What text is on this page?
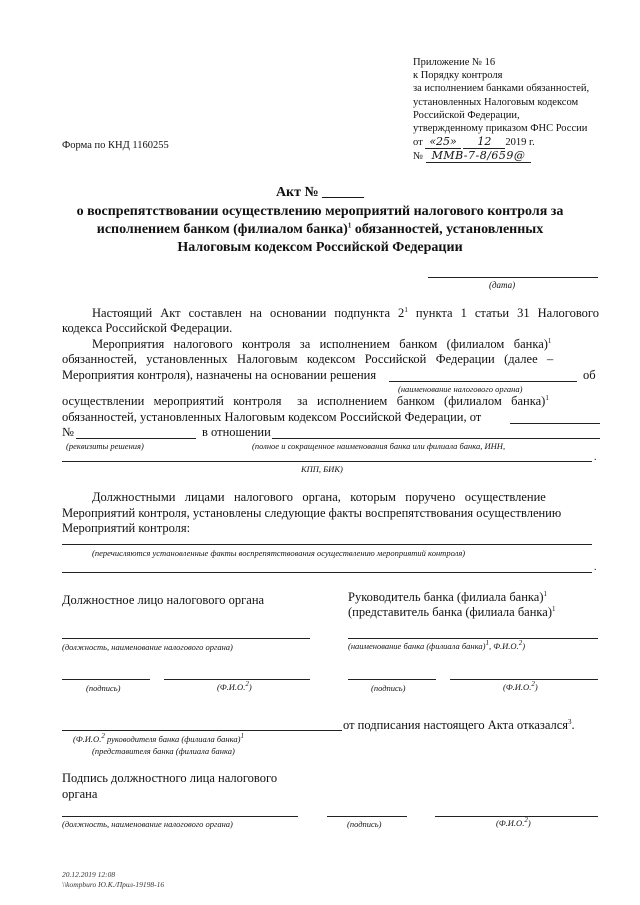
Приложение № 16
к Порядку контроля
за исполнением банками обязанностей,
установленных Налоговым кодексом
Российской Федерации,
утвержденному приказом ФНС России
от «25» 12 2019 г.
№ ММВ-7-8/659@
Форма по КНД 1160255
Акт № ______
о воспрепятствовании осуществлению мероприятий налогового контроля за
исполнением банком (филиалом банка)$^1$ обязанностей, установленных
Налоговым кодексом Российской Федерации
(дата)
Настоящий Акт составлен на основании подпункта $2^1$ пункта 1 статьи 31 Налогового
кодекса Российской Федерации.
Мероприятия   налогового   контроля   за   исполнением   банком   (филиалом   банка)$^1$
обязанностей,   установленных   Налоговым   кодексом   Российской   Федерации   (далее   –
Мероприятия контроля), назначены на основании решения	об
(наименование налогового органа)
осуществлении   мероприятий   контроля     за   исполнением   банком   (филиалом   банка)$^1$
обязанностей, установленных Налоговым кодексом Российской Федерации, от
№	в отношении
(реквизиты решения)	(полное и сокращенное наименования банка или филиала банка, ИНН,
.
КПП, БИК)
Должностными   лицами   налогового   органа,   которым   поручено   осуществление
Мероприятий контроля, установлены следующие факты воспрепятствования осуществлению
Мероприятий контроля:
(перечисляются установленные факты воспрепятствования осуществлению мероприятий контроля)
.
Должностное лицо налогового органа	Руководитель банка (филиала банка)$^1$
(представитель банка (филиала банка)$^1$
(должность, наименование налогового органа)	(наименование банка (филиала банка)$^1$, Ф.И.О.$^2$)
(подпись)	(Ф.И.О.$^2$)	(подпись)	(Ф.И.О.$^2$)
от подписания настоящего Акта отказался$^3$.
(Ф.И.О.$^2$ руководителя банка (филиала банка)$^1$
(представителя банка (филиала банка)
Подпись должностного лица налогового
органа
(должность, наименование налогового органа)	(подпись)	(Ф.И.О.$^2$)
20.12.2019 12:08
\\kompburo Ю.К./Прил-19198-16
